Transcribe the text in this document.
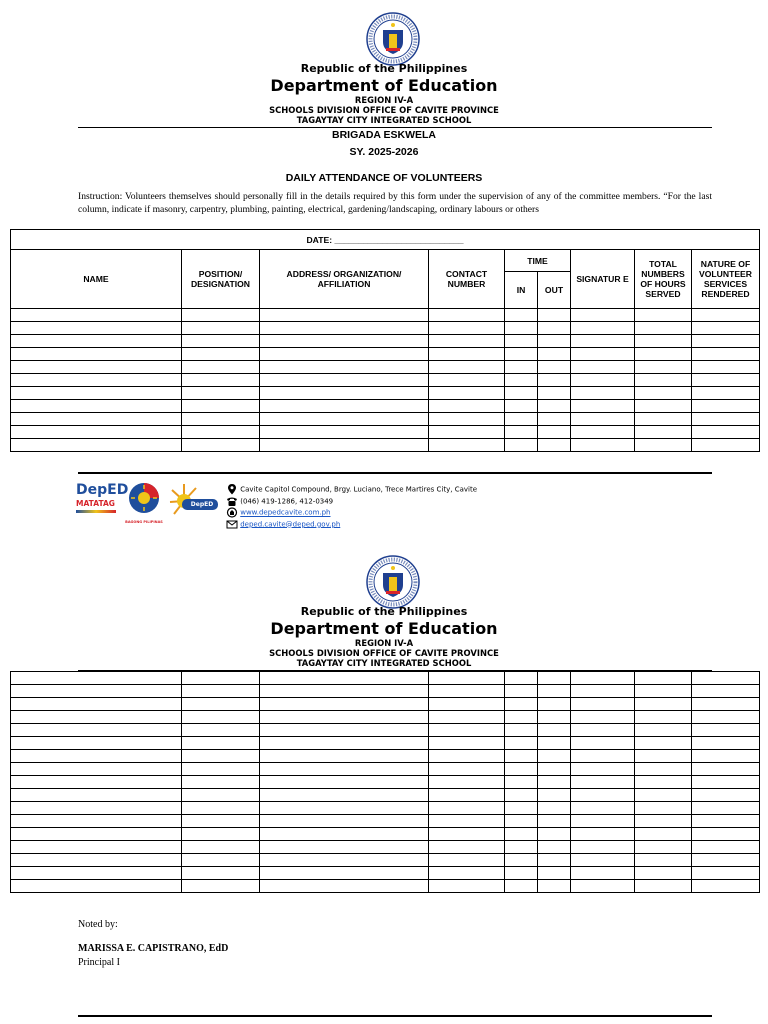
Republic of the Philippines
Department of Education
REGION IV-A
SCHOOLS DIVISION OFFICE OF CAVITE PROVINCE
TAGAYTAY CITY INTEGRATED SCHOOL
BRIGADA ESKWELA
SY. 2025-2026
DAILY ATTENDANCE OF VOLUNTEERS
Instruction: Volunteers themselves should personally fill in the details required by this form under the supervision of any of the committee members. “For the last column, indicate if masonry, carpentry, plumbing, painting, electrical, gardening/landscaping, ordinary labours or others
DATE: ___________________________								
NAME	POSITION/ DESIGNATION	ADDRESS/ ORGANIZATION/ AFFILIATION	CONTACT NUMBER	TIME		SIGNATUR E	TOTAL NUMBERS OF HOURS SERVED	NATURE OF VOLUNTEER SERVICES RENDERED
				IN	OUT			

DepED
MATATAG
BAGONG PILIPINAS
DepED CAVITE
Cavite Capitol Compound, Brgy. Luciano, Trece Martires City, Cavite
(046) 419-1286, 412-0349
www.depedcavite.com.ph
deped.cavite@deped.gov.ph
Republic of the Philippines
Department of Education
REGION IV-A
SCHOOLS DIVISION OFFICE OF CAVITE PROVINCE
TAGAYTAY CITY INTEGRATED SCHOOL

Noted by:
MARISSA E. CAPISTRANO, EdD
Principal I
